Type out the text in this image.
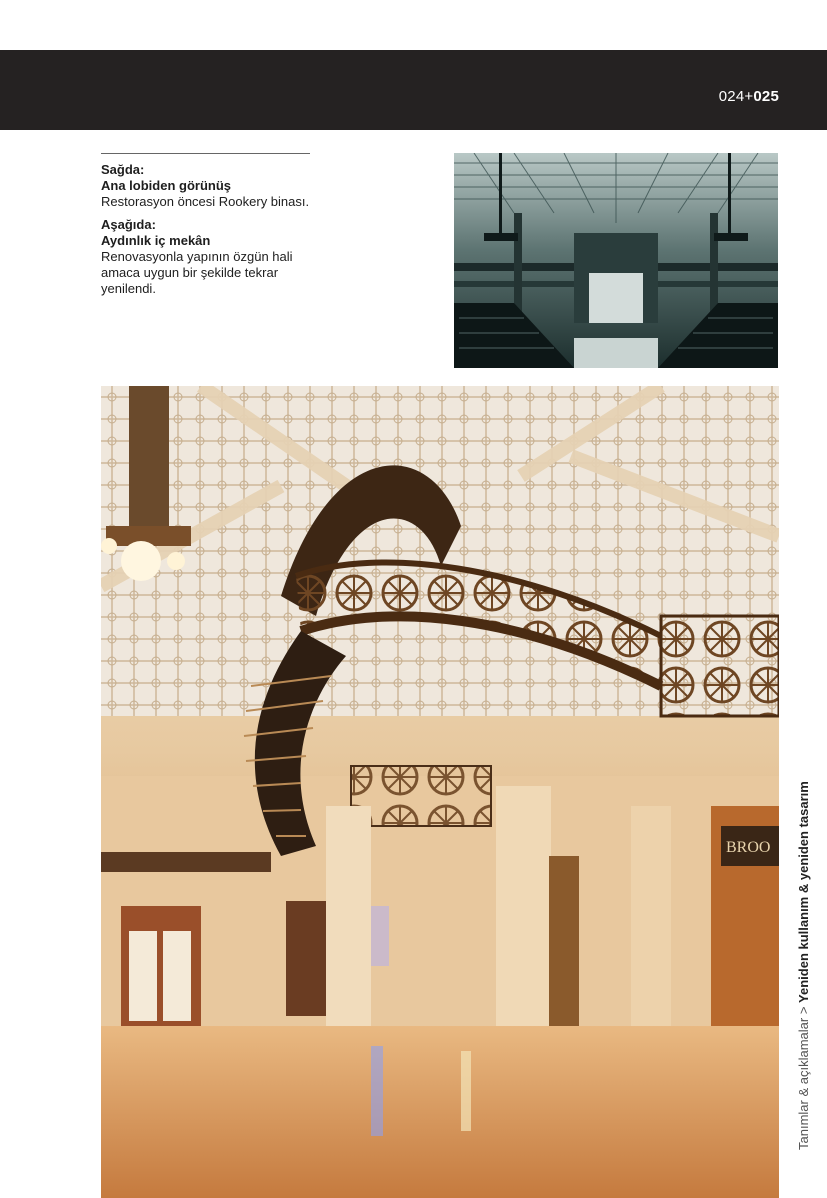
024+025
Sağda:
Ana lobiden görünüş
Restorasyon öncesi Rookery binası.
Aşağıda:
Aydınlık iç mekân
Renovasyonla yapının özgün hali amaca uygun bir şekilde tekrar yenilendi.
BROO
Tanımlar & açıklamalar > Yeniden kullanım & yeniden tasarım
